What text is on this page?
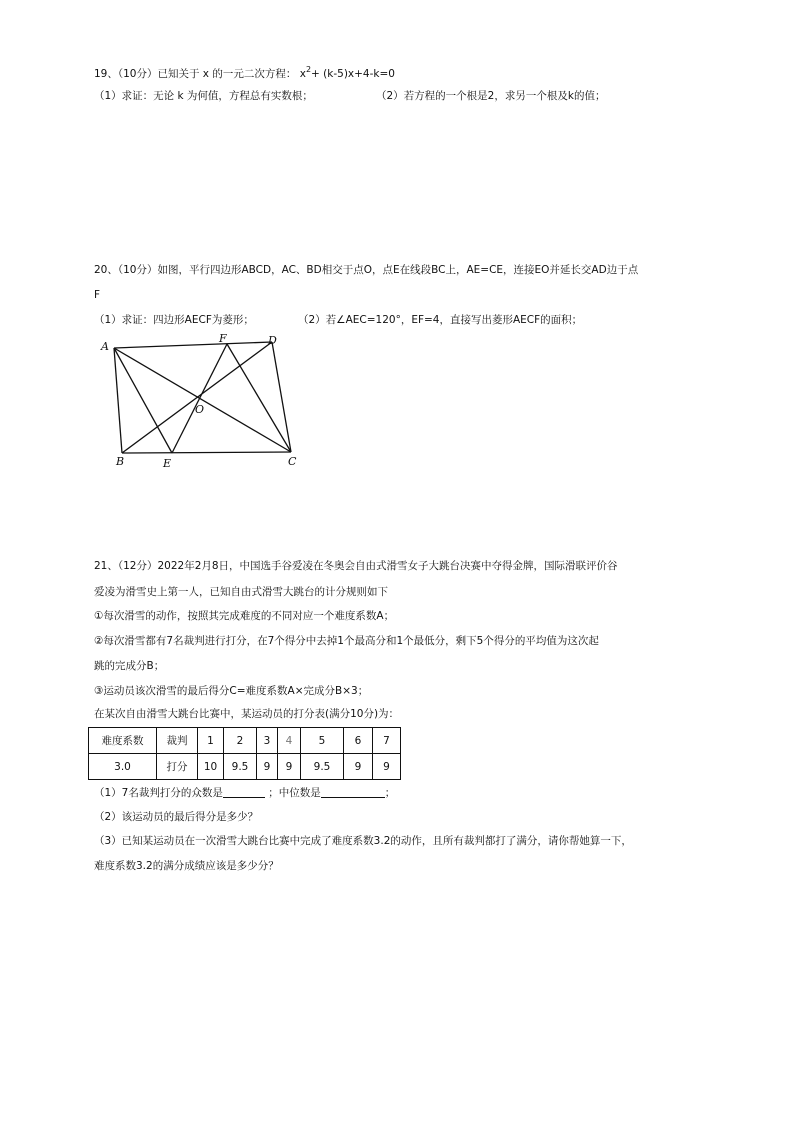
19、（10分）已知关于 x 的一元二次方程： $x^2+ (k-5)x+4-k=0$
（1）求证：无论 k 为何值，方程总有实数根；	（2）若方程的一个根是2，求另一个根及k的值；
20、（10分）如图，平行四边形ABCD，AC、BD相交于点O，点E在线段BC上，AE=CE，连接EO并延长交AD边于点
F
（1）求证：四边形AECF为菱形；	（2）若∠AEC=120°，EF=4，直接写出菱形AECF的面积；
A
F	D
O
B	E	C
21、（12分）2022年2月8日，中国选手谷爱凌在冬奥会自由式滑雪女子大跳台决赛中夺得金牌，国际滑联评价谷
爱凌为滑雪史上第一人，已知自由式滑雪大跳台的计分规则如下
①每次滑雪的动作，按照其完成难度的不同对应一个难度系数A；
②每次滑雪都有7名裁判进行打分，在7个得分中去掉1个最高分和1个最低分，剩下5个得分的平均值为这次起
跳的完成分B；
③运动员该次滑雪的最后得分C=难度系数A×完成分B×3；
在某次自由滑雪大跳台比赛中，某运动员的打分表(满分10分)为：
难度系数	裁判	1	2	3	4	5	6	7
3.0	打分	10	9.5	9	9	9.5	9	9
（1）7名裁判打分的众数是	；中位数是	；
（2）该运动员的最后得分是多少？
（3）已知某运动员在一次滑雪大跳台比赛中完成了难度系数3.2的动作，且所有裁判都打了满分，请你帮她算一下，
难度系数3.2的满分成绩应该是多少分？
